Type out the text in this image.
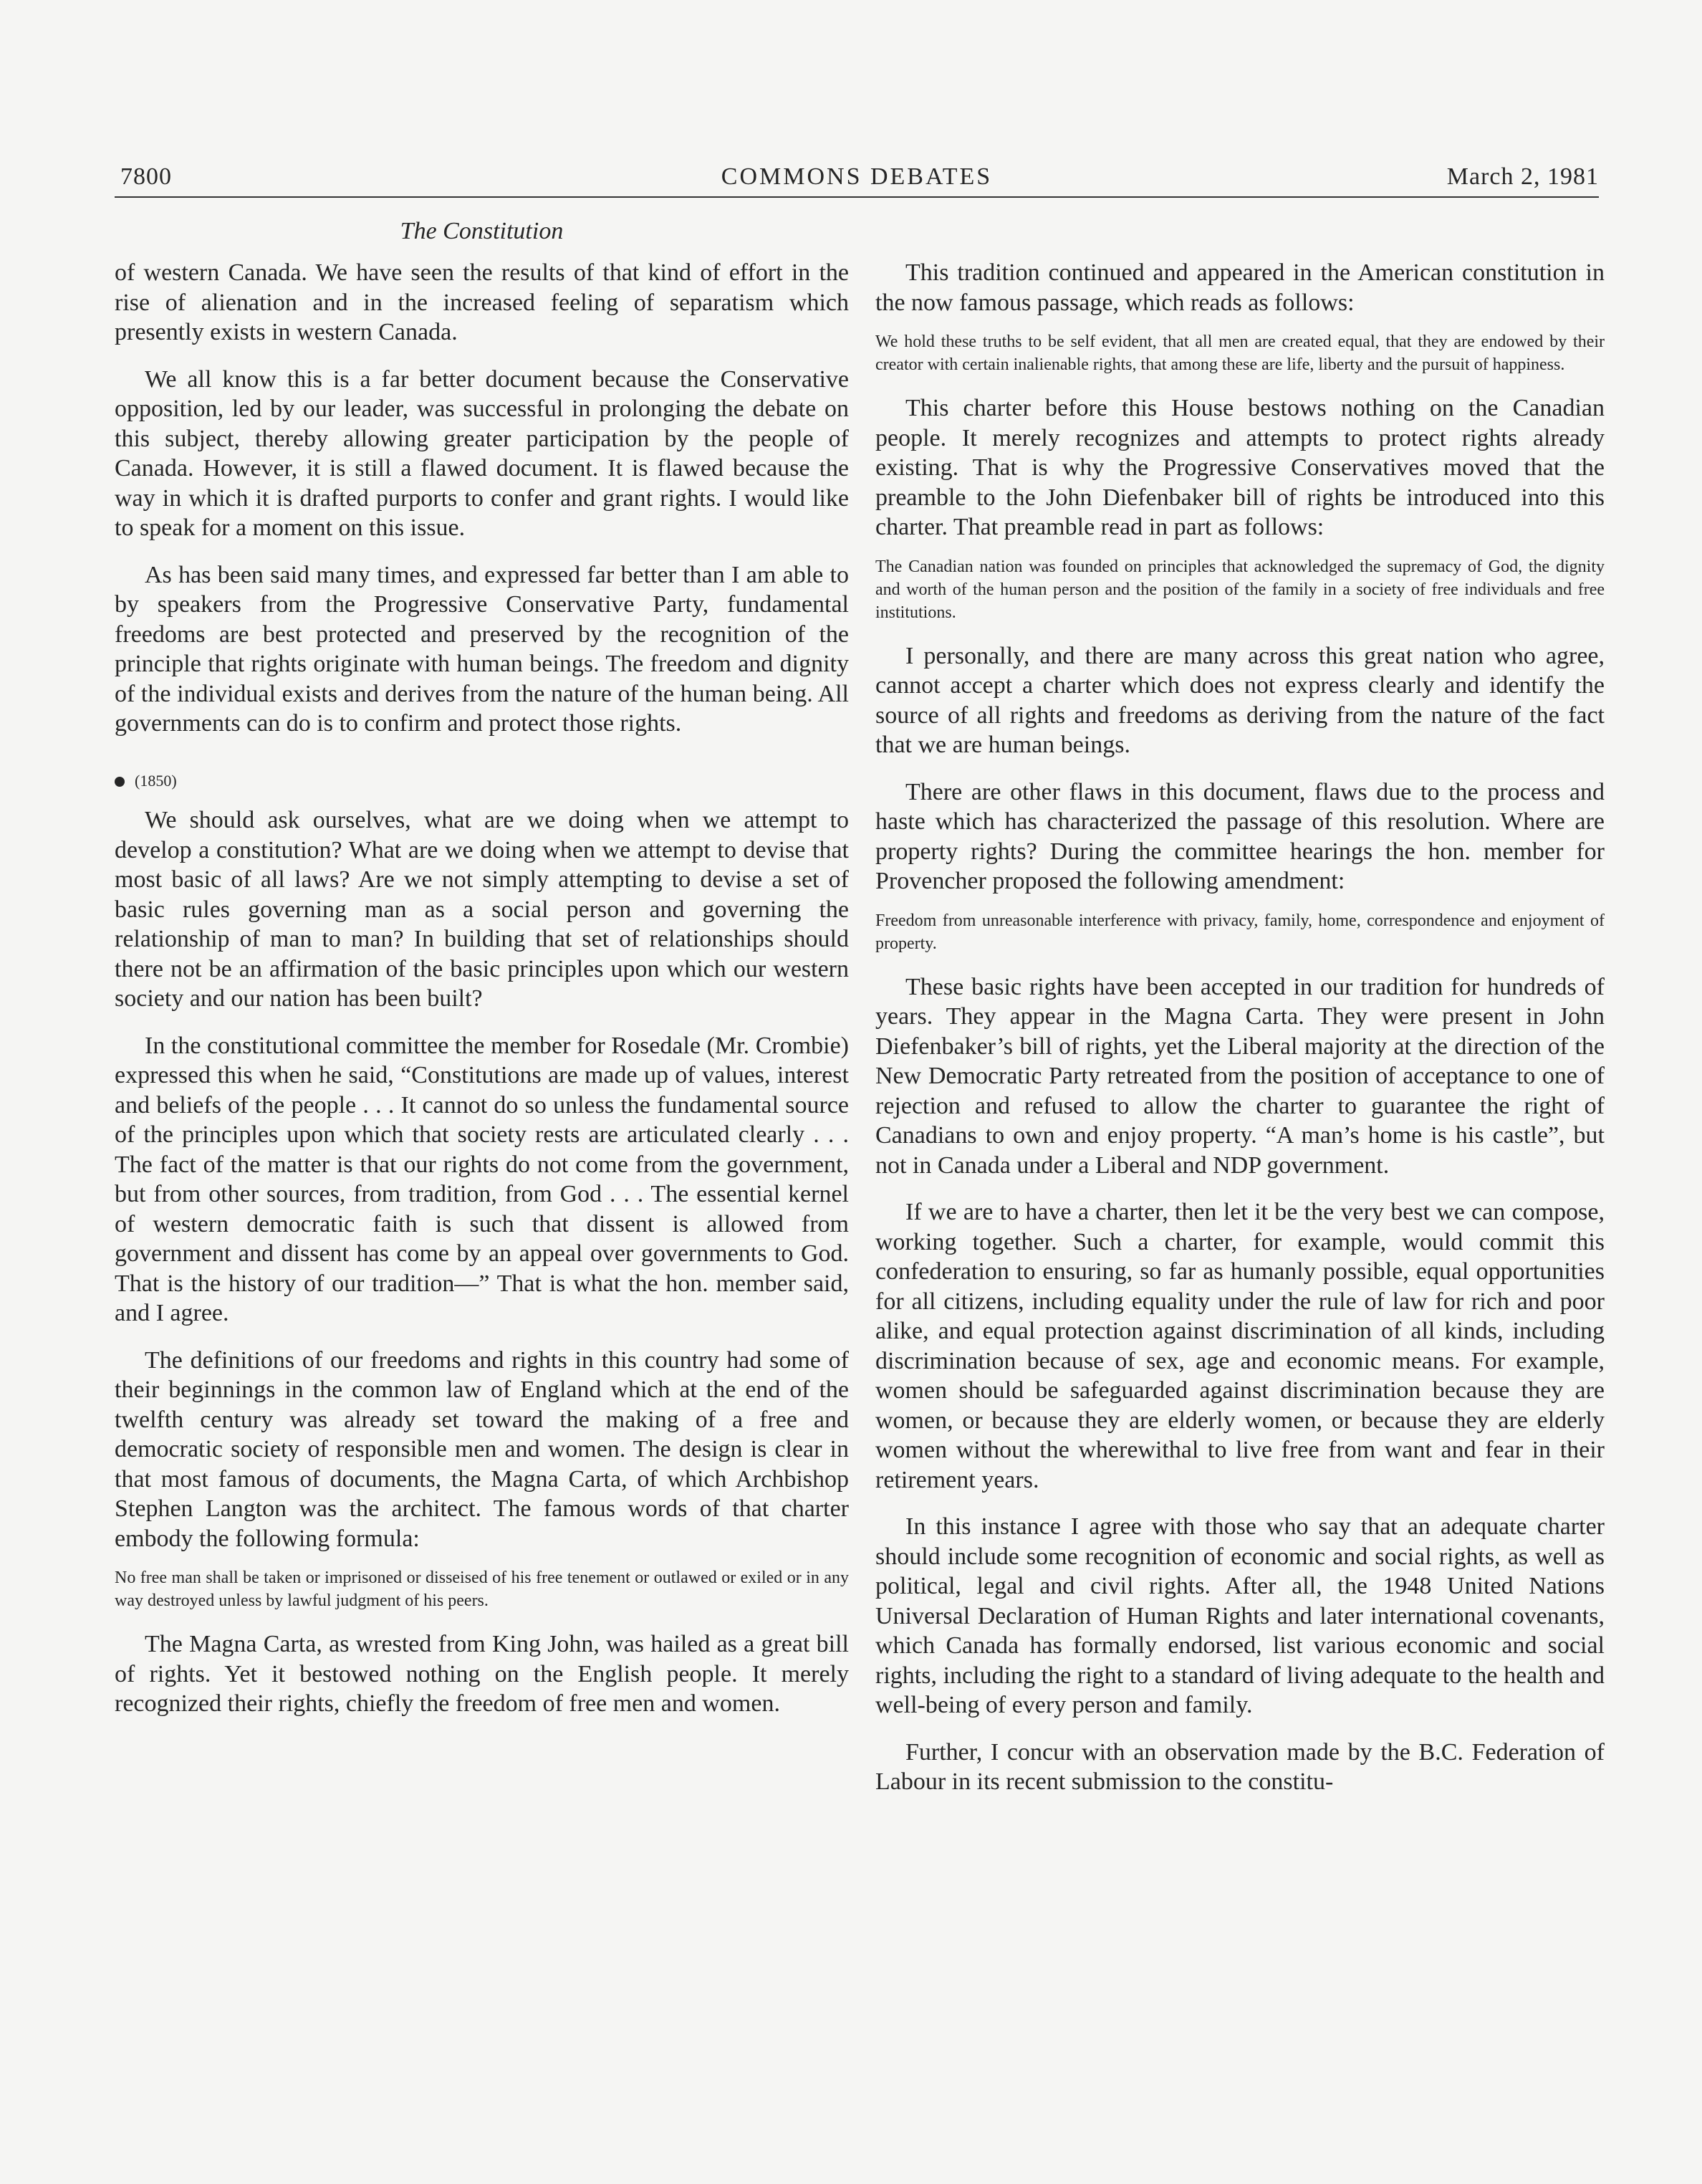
7800	COMMONS DEBATES	March 2, 1981
The Constitution

of western Canada. We have seen the results of that kind of effort in the rise of alienation and in the increased feeling of separatism which presently exists in western Canada.

We all know this is a far better document because the Conservative opposition, led by our leader, was successful in prolonging the debate on this subject, thereby allowing greater participation by the people of Canada. However, it is still a flawed document. It is flawed because the way in which it is drafted purports to confer and grant rights. I would like to speak for a moment on this issue.

As has been said many times, and expressed far better than I am able to by speakers from the Progressive Conservative Party, fundamental freedoms are best protected and preserved by the recognition of the principle that rights originate with human beings. The freedom and dignity of the individual exists and derives from the nature of the human being. All governments can do is to confirm and protect those rights.

(1850)

We should ask ourselves, what are we doing when we attempt to develop a constitution? What are we doing when we attempt to devise that most basic of all laws? Are we not simply attempting to devise a set of basic rules governing man as a social person and governing the relationship of man to man? In building that set of relationships should there not be an affirmation of the basic principles upon which our western society and our nation has been built?

In the constitutional committee the member for Rosedale (Mr. Crombie) expressed this when he said, “Constitutions are made up of values, interest and beliefs of the people . . . It cannot do so unless the fundamental source of the principles upon which that society rests are articulated clearly . . . The fact of the matter is that our rights do not come from the government, but from other sources, from tradition, from God . . . The essential kernel of western democratic faith is such that dissent is allowed from government and dissent has come by an appeal over governments to God. That is the history of our tradition—” That is what the hon. member said, and I agree.

The definitions of our freedoms and rights in this country had some of their beginnings in the common law of England which at the end of the twelfth century was already set toward the making of a free and democratic society of responsible men and women. The design is clear in that most famous of documents, the Magna Carta, of which Archbishop Stephen Langton was the architect. The famous words of that charter embody the following formula:

No free man shall be taken or imprisoned or disseised of his free tenement or outlawed or exiled or in any way destroyed unless by lawful judgment of his peers.

The Magna Carta, as wrested from King John, was hailed as a great bill of rights. Yet it bestowed nothing on the English people. It merely recognized their rights, chiefly the freedom of free men and women.

This tradition continued and appeared in the American constitution in the now famous passage, which reads as follows:

We hold these truths to be self evident, that all men are created equal, that they are endowed by their creator with certain inalienable rights, that among these are life, liberty and the pursuit of happiness.

This charter before this House bestows nothing on the Canadian people. It merely recognizes and attempts to protect rights already existing. That is why the Progressive Conservatives moved that the preamble to the John Diefenbaker bill of rights be introduced into this charter. That preamble read in part as follows:

The Canadian nation was founded on principles that acknowledged the supremacy of God, the dignity and worth of the human person and the position of the family in a society of free individuals and free institutions.

I personally, and there are many across this great nation who agree, cannot accept a charter which does not express clearly and identify the source of all rights and freedoms as deriving from the nature of the fact that we are human beings.

There are other flaws in this document, flaws due to the process and haste which has characterized the passage of this resolution. Where are property rights? During the committee hearings the hon. member for Provencher proposed the following amendment:

Freedom from unreasonable interference with privacy, family, home, correspondence and enjoyment of property.

These basic rights have been accepted in our tradition for hundreds of years. They appear in the Magna Carta. They were present in John Diefenbaker’s bill of rights, yet the Liberal majority at the direction of the New Democratic Party retreated from the position of acceptance to one of rejection and refused to allow the charter to guarantee the right of Canadians to own and enjoy property. “A man’s home is his castle”, but not in Canada under a Liberal and NDP government.

If we are to have a charter, then let it be the very best we can compose, working together. Such a charter, for example, would commit this confederation to ensuring, so far as humanly possible, equal opportunities for all citizens, including equality under the rule of law for rich and poor alike, and equal protection against discrimination of all kinds, including discrimination because of sex, age and economic means. For example, women should be safeguarded against discrimination because they are women, or because they are elderly women, or because they are elderly women without the wherewithal to live free from want and fear in their retirement years.

In this instance I agree with those who say that an adequate charter should include some recognition of economic and social rights, as well as political, legal and civil rights. After all, the 1948 United Nations Universal Declaration of Human Rights and later international covenants, which Canada has formally endorsed, list various economic and social rights, including the right to a standard of living adequate to the health and well-being of every person and family.

Further, I concur with an observation made by the B.C. Federation of Labour in its recent submission to the constitu-
